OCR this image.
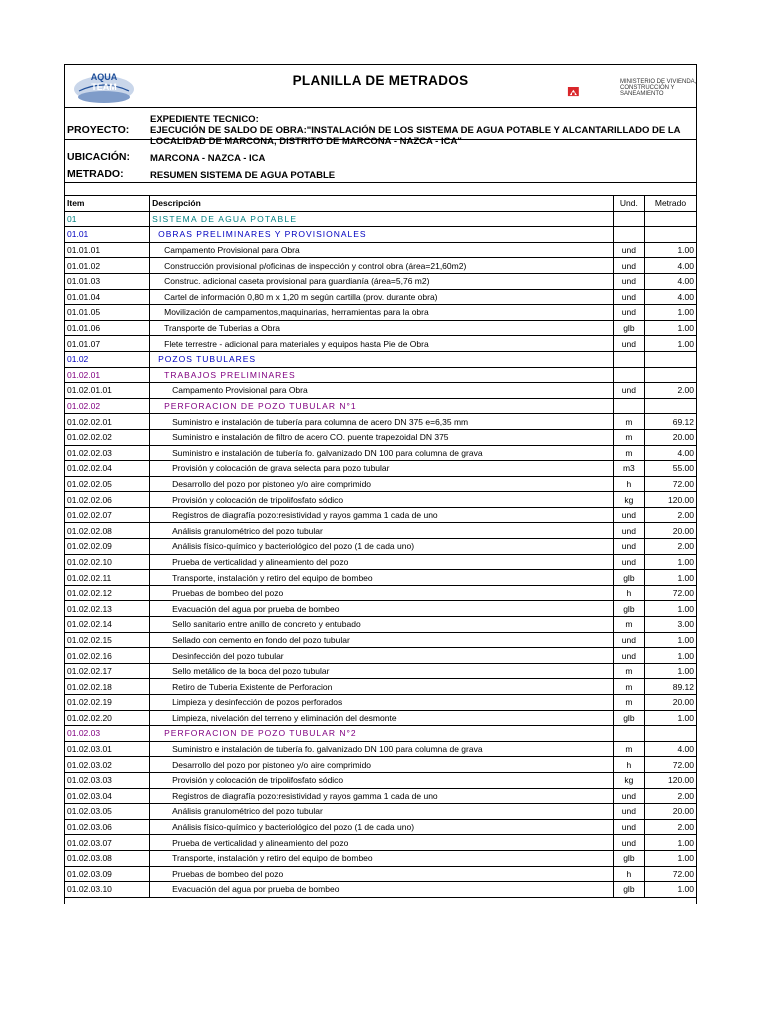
AQUA
TEAM	PLANILLA DE METRADOS	MINISTERIO DE VIVIENDA, CONSTRUCCIÓN Y SANEAMIENTO
EXPEDIENTE TECNICO:
PROYECTO: EJECUCIÓN DE SALDO DE OBRA:"INSTALACIÓN DE LOS SISTEMA DE AGUA POTABLE Y ALCANTARILLADO DE LA LOCALIDAD DE MARCONA, DISTRITO DE MARCONA - NAZCA - ICA"
UBICACIÓN: MARCONA - NAZCA - ICA
METRADO:	RESUMEN SISTEMA DE AGUA POTABLE
Item	Descripción	Und.	Metrado
01	SISTEMA DE AGUA POTABLE		
01.01	OBRAS PRELIMINARES Y PROVISIONALES		
01.01.01	Campamento Provisional para Obra	und	1.00
01.01.02	Construcción provisional p/oficinas de inspección y control obra (área=21,60m2)	und	4.00
01.01.03	Construc. adicional caseta provisional para guardianía (área=5,76 m2)	und	4.00
01.01.04	Cartel de información 0,80 m x 1,20 m según cartilla (prov. durante obra)	und	4.00
01.01.05	Movilización de campamentos,maquinarias, herramientas para la obra	und	1.00
01.01.06	Transporte de Tuberias a Obra	glb	1.00
01.01.07	Flete terrestre - adicional para materiales y equipos hasta Pie de Obra	und	1.00
01.02	POZOS TUBULARES		
01.02.01	TRABAJOS PRELIMINARES		
01.02.01.01	Campamento Provisional para Obra	und	2.00
01.02.02	PERFORACION DE POZO TUBULAR N°1		
01.02.02.01	Suministro e instalación de tubería para columna de acero DN 375 e=6,35 mm	m	69.12
01.02.02.02	Suministro e instalación de filtro de acero CO. puente trapezoidal DN 375	m	20.00
01.02.02.03	Suministro e instalación de tubería fo. galvanizado DN 100 para columna de grava	m	4.00
01.02.02.04	Provisión y colocación de grava selecta para pozo tubular	m3	55.00
01.02.02.05	Desarrollo del pozo por pistoneo y/o aire comprimido	h	72.00
01.02.02.06	Provisión y colocación de tripolifosfato sódico	kg	120.00
01.02.02.07	Registros de diagrafía pozo:resistividad y rayos gamma 1 cada de uno	und	2.00
01.02.02.08	Análisis granulométrico del pozo tubular	und	20.00
01.02.02.09	Análisis físico-químico y bacteriológico del pozo (1 de cada uno)	und	2.00
01.02.02.10	Prueba de verticalidad y alineamiento del pozo	und	1.00
01.02.02.11	Transporte, instalación y retiro del equipo de bombeo	glb	1.00
01.02.02.12	Pruebas de bombeo del pozo	h	72.00
01.02.02.13	Evacuación del agua por prueba de bombeo	glb	1.00
01.02.02.14	Sello sanitario entre anillo de concreto y entubado	m	3.00
01.02.02.15	Sellado con cemento en fondo del pozo tubular	und	1.00
01.02.02.16	Desinfección del pozo tubular	und	1.00
01.02.02.17	Sello metálico de la boca del pozo tubular	m	1.00
01.02.02.18	Retiro de Tuberia Existente de Perforacion	m	89.12
01.02.02.19	Limpieza y desinfección de pozos perforados	m	20.00
01.02.02.20	Limpieza, nivelación del terreno y eliminación del desmonte	glb	1.00
01.02.03	PERFORACION DE POZO TUBULAR N°2		
01.02.03.01	Suministro e instalación de tubería fo. galvanizado DN 100 para columna de grava	m	4.00
01.02.03.02	Desarrollo del pozo por pistoneo y/o aire comprimido	h	72.00
01.02.03.03	Provisión y colocación de tripolifosfato sódico	kg	120.00
01.02.03.04	Registros de diagrafía pozo:resistividad y rayos gamma 1 cada de uno	und	2.00
01.02.03.05	Análisis granulométrico del pozo tubular	und	20.00
01.02.03.06	Análisis físico-químico y bacteriológico del pozo (1 de cada uno)	und	2.00
01.02.03.07	Prueba de verticalidad y alineamiento del pozo	und	1.00
01.02.03.08	Transporte, instalación y retiro del equipo de bombeo	glb	1.00
01.02.03.09	Pruebas de bombeo del pozo	h	72.00
01.02.03.10	Evacuación del agua por prueba de bombeo	glb	1.00
